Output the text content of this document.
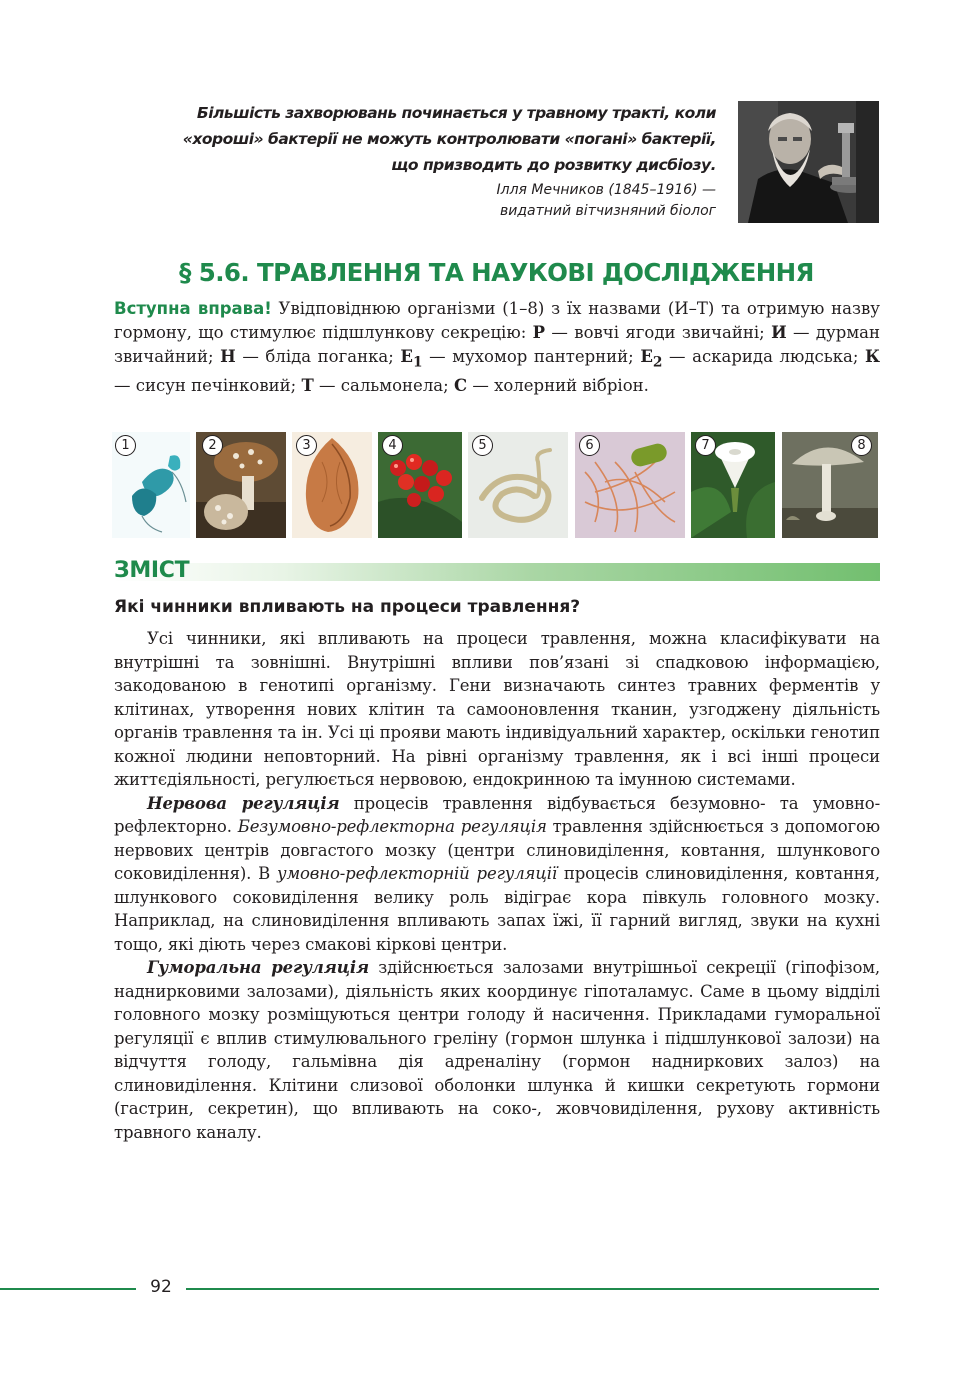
Більшість захворювань починається у травному тракті, коли
«хороші» бактерії не можуть контролювати «погані» бактерії,
що призводить до розвитку дисбіозу.
Ілля Мечников (1845–1916) —
видатний вітчизняний біолог
§ 5.6. ТРАВЛЕННЯ ТА НАУКОВІ ДОСЛІДЖЕННЯ
Вступна вправа! Увідповіднюю організми (1–8) з їх назвами (И–Т) та отримую назву гормону, що стимулює підшлункову секрецію: Р — вовчі ягоди звичайні; И — дурман звичайний; Н — бліда поганка; $Е_1$ — мухомор пантерний; $Е_2$ — аскарида людська; К — сисун печінковий; Т — сальмонела; С — холерний вібріон.
1	2	3	4	5	6	7	8
ЗМІСТ
Які чинники впливають на процеси травлення?

Усі чинники, які впливають на процеси травлення, можна класифікувати на внутрішні та зовнішні. Внутрішні впливи пов’язані зі спадковою інформацією, закодованою в генотипі організму. Гени визначають синтез травних ферментів у клітинах, утворення нових клітин та самооновлення тканин, узгоджену діяльність органів травлення та ін. Усі ці прояви мають індивідуальний характер, оскільки генотип кожної людини неповторний. На рівні організму травлення, як і всі інші процеси життєдіяльності, регулюється нервовою, ендокринною та імунною системами.

Нервова регуляція процесів травлення відбувається безумовно- та умовно-рефлекторно. Безумовно-рефлекторна регуляція травлення здійснюється з допомогою нервових центрів довгастого мозку (центри слиновиділення, ковтання, шлункового соковиділення). В умовно-рефлекторній регуляції процесів слиновиділення, ковтання, шлункового соковиділення велику роль відіграє кора півкуль головного мозку. Наприклад, на слиновиділення впливають запах їжі, її гарний вигляд, звуки на кухні тощо, які діють через смакові кіркові центри.

Гуморальна регуляція здійснюється залозами внутрішньої секреції (гіпофізом, наднирковими залозами), діяльність яких координує гіпоталамус. Саме в цьому відділі головного мозку розміщуються центри голоду й насичення. Прикладами гуморальної регуляції є вплив стимулювального греліну (гормон шлунка і підшлункової залози) на відчуття голоду, гальмівна дія адреналіну (гормон надниркових залоз) на слиновиділення. Клітини слизової оболонки шлунка й кишки секретують гормони (гастрин, секретин), що впливають на соко-, жовчовиділення, рухову активність травного каналу.

92
